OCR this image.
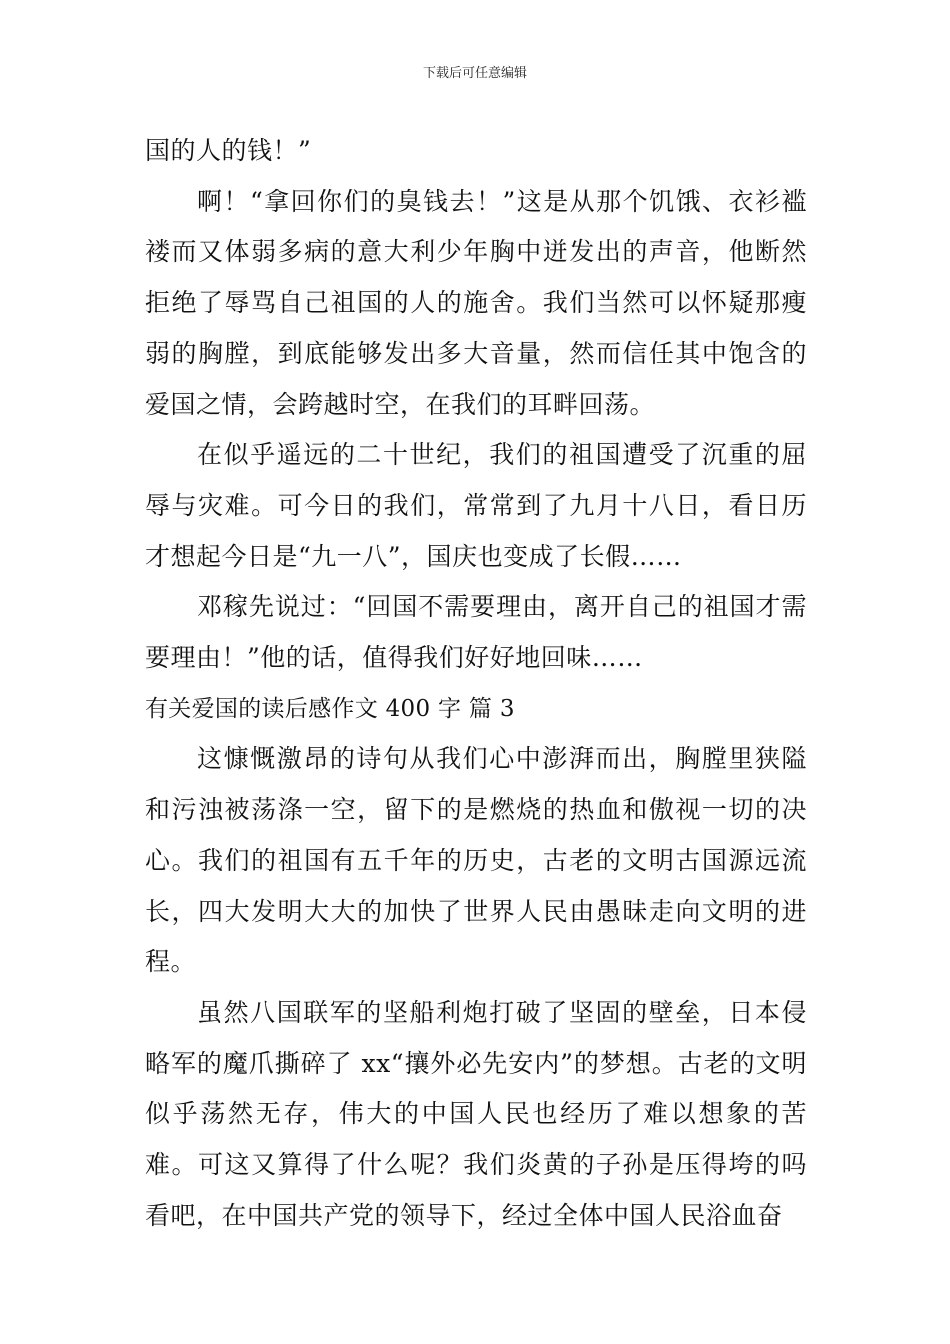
下载后可任意编辑

国的人的钱！”

啊！“拿回你们的臭钱去！”这是从那个饥饿、衣衫褴褛而又体弱多病的意大利少年胸中迸发出的声音，他断然拒绝了辱骂自己祖国的人的施舍。我们当然可以怀疑那瘦弱的胸膛，到底能够发出多大音量，然而信任其中饱含的爱国之情，会跨越时空，在我们的耳畔回荡。

在似乎遥远的二十世纪，我们的祖国遭受了沉重的屈辱与灾难。可今日的我们，常常到了九月十八日，看日历才想起今日是“九一八”，国庆也变成了长假……

邓稼先说过：“回国不需要理由，离开自己的祖国才需要理由！”他的话，值得我们好好地回味……

有关爱国的读后感作文 400 字 篇 3

这慷慨激昂的诗句从我们心中澎湃而出，胸膛里狭隘和污浊被荡涤一空，留下的是燃烧的热血和傲视一切的决心。我们的祖国有五千年的历史，古老的文明古国源远流长，四大发明大大的加快了世界人民由愚昧走向文明的进程。

虽然八国联军的坚船利炮打破了坚固的壁垒，日本侵略军的魔爪撕碎了 xx“攘外必先安内”的梦想。古老的文明似乎荡然无存，伟大的中国人民也经历了难以想象的苦难。可这又算得了什么呢？我们炎黄的子孙是压得垮的吗看吧，在中国共产党的领导下，经过全体中国人民浴血奋
